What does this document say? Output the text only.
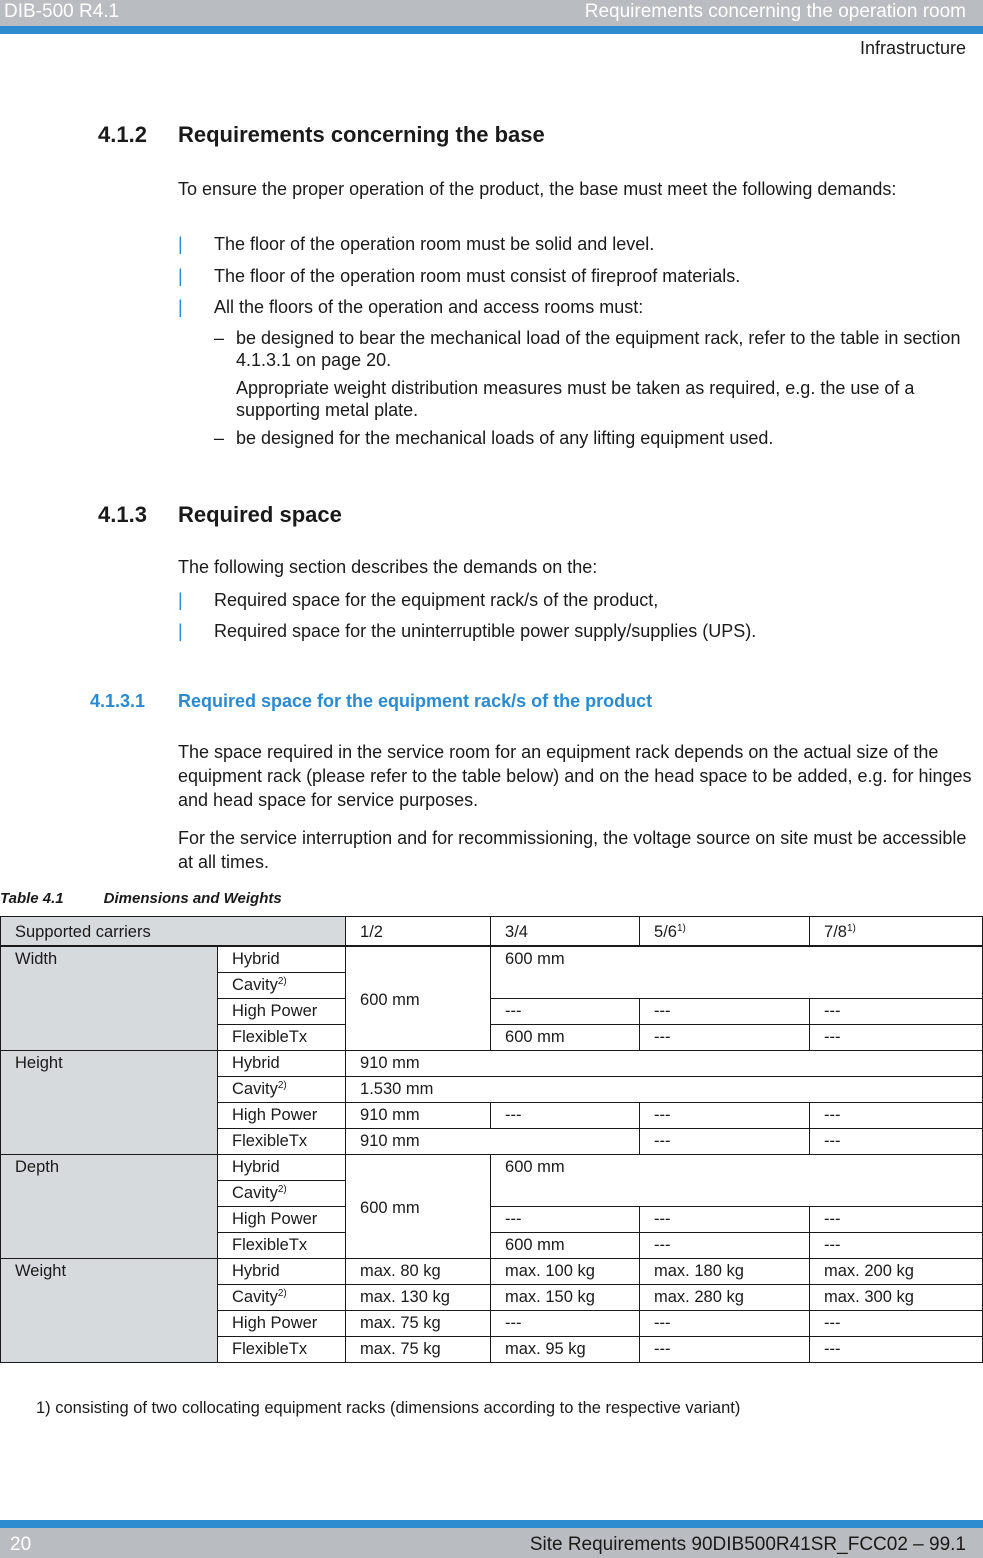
DIB-500 R4.1	Requirements concerning the operation room
Infrastructure
4.1.2 Requirements concerning the base
To ensure the proper operation of the product, the base must meet the following demands:
| The floor of the operation room must be solid and level.
| The floor of the operation room must consist of fireproof materials.
| All the floors of the operation and access rooms must:
– be designed to bear the mechanical load of the equipment rack, refer to the table in section 4.1.3.1 on page 20.
Appropriate weight distribution measures must be taken as required, e.g. the use of a supporting metal plate.
– be designed for the mechanical loads of any lifting equipment used.
4.1.3 Required space
The following section describes the demands on the:
| Required space for the equipment rack/s of the product,
| Required space for the uninterruptible power supply/supplies (UPS).
4.1.3.1 Required space for the equipment rack/s of the product
The space required in the service room for an equipment rack depends on the actual size of the equipment rack (please refer to the table below) and on the head space to be added, e.g. for hinges and head space for service purposes.
For the service interruption and for recommissioning, the voltage source on site must be accessible at all times.
Table 4.1	Dimensions and Weights
Supported carriers		1/2	3/4	5/6$^{1)}$	7/8$^{1)}$
Width	Hybrid	600 mm	600 mm		
	Cavity$^{2)}$
	High Power		---	---	---
	FlexibleTx		600 mm	---	---
Height	Hybrid	910 mm			
	Cavity$^{2)}$	1.530 mm			
	High Power	910 mm	---	---	---
	FlexibleTx	910 mm		---	---
Depth	Hybrid	600 mm	600 mm		
	Cavity$^{2)}$
	High Power		---	---	---
	FlexibleTx		600 mm	---	---
Weight	Hybrid	max. 80 kg	max. 100 kg	max. 180 kg	max. 200 kg
	Cavity$^{2)}$	max. 130 kg	max. 150 kg	max. 280 kg	max. 300 kg
	High Power	max. 75 kg	---	---	---
	FlexibleTx	max. 75 kg	max. 95 kg	---	---
1) consisting of two collocating equipment racks (dimensions according to the respective variant)
20	Site Requirements 90DIB500R41SR_FCC02 – 99.1
